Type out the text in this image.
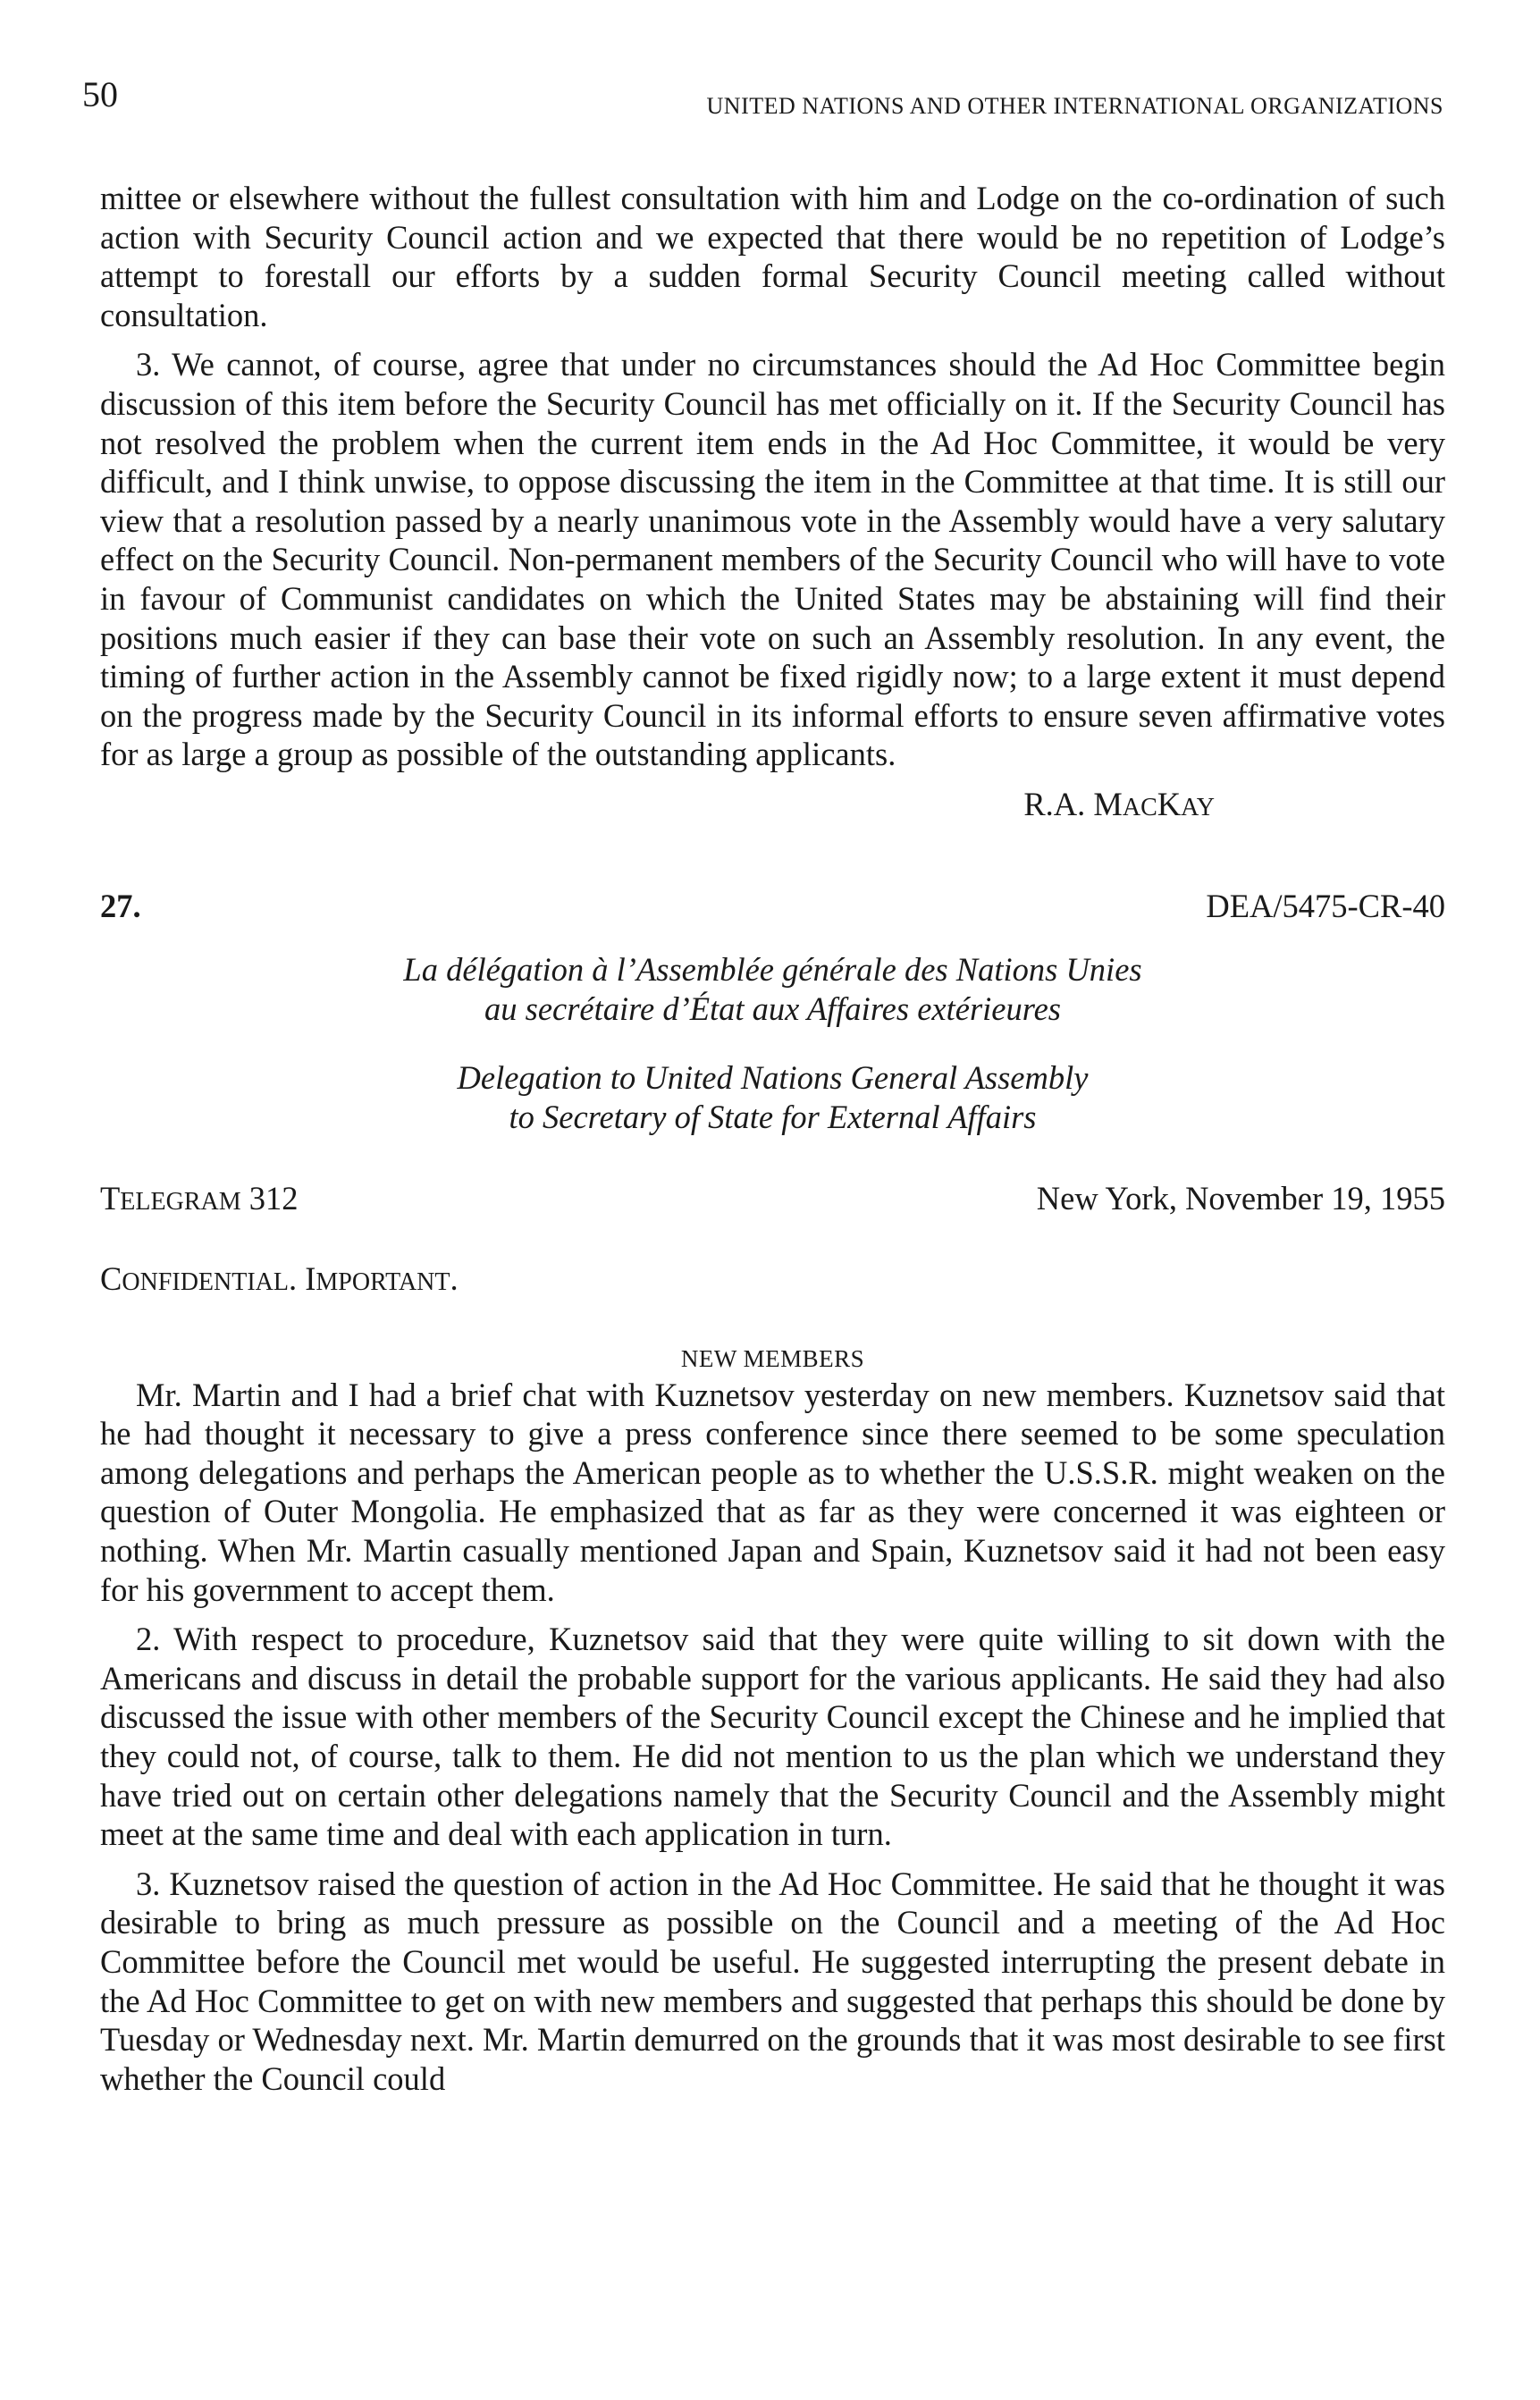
50	UNITED NATIONS AND OTHER INTERNATIONAL ORGANIZATIONS

mittee or elsewhere without the fullest consultation with him and Lodge on the co-ordination of such action with Security Council action and we expected that there would be no repetition of Lodge’s attempt to forestall our efforts by a sudden formal Security Council meeting called without consultation.

3. We cannot, of course, agree that under no circumstances should the Ad Hoc Committee begin discussion of this item before the Security Council has met officially on it. If the Security Council has not resolved the problem when the current item ends in the Ad Hoc Committee, it would be very difficult, and I think unwise, to oppose discussing the item in the Committee at that time. It is still our view that a resolution passed by a nearly unanimous vote in the Assembly would have a very salutary effect on the Security Council. Non-permanent members of the Security Council who will have to vote in favour of Communist candidates on which the United States may be abstaining will find their positions much easier if they can base their vote on such an Assembly resolution. In any event, the timing of further action in the Assembly cannot be fixed rigidly now; to a large extent it must depend on the progress made by the Security Council in its informal efforts to ensure seven affirmative votes for as large a group as possible of the outstanding applicants.

R.A. MACKAY
27.	DEA/5475-CR-40
La délégation à l’Assemblée générale des Nations Unies
au secrétaire d’État aux Affaires extérieures
Delegation to United Nations General Assembly
to Secretary of State for External Affairs
TELEGRAM 312	New York, November 19, 1955
CONFIDENTIAL. IMPORTANT.
NEW MEMBERS

Mr. Martin and I had a brief chat with Kuznetsov yesterday on new members. Kuznetsov said that he had thought it necessary to give a press conference since there seemed to be some speculation among delegations and perhaps the American people as to whether the U.S.S.R. might weaken on the question of Outer Mongolia. He emphasized that as far as they were concerned it was eighteen or nothing. When Mr. Martin casually mentioned Japan and Spain, Kuznetsov said it had not been easy for his government to accept them.

2. With respect to procedure, Kuznetsov said that they were quite willing to sit down with the Americans and discuss in detail the probable support for the various applicants. He said they had also discussed the issue with other members of the Security Council except the Chinese and he implied that they could not, of course, talk to them. He did not mention to us the plan which we understand they have tried out on certain other delegations namely that the Security Council and the Assembly might meet at the same time and deal with each application in turn.

3. Kuznetsov raised the question of action in the Ad Hoc Committee. He said that he thought it was desirable to bring as much pressure as possible on the Council and a meeting of the Ad Hoc Committee before the Council met would be useful. He suggested interrupting the present debate in the Ad Hoc Committee to get on with new members and suggested that perhaps this should be done by Tuesday or Wednesday next. Mr. Martin demurred on the grounds that it was most desirable to see first whether the Council could
